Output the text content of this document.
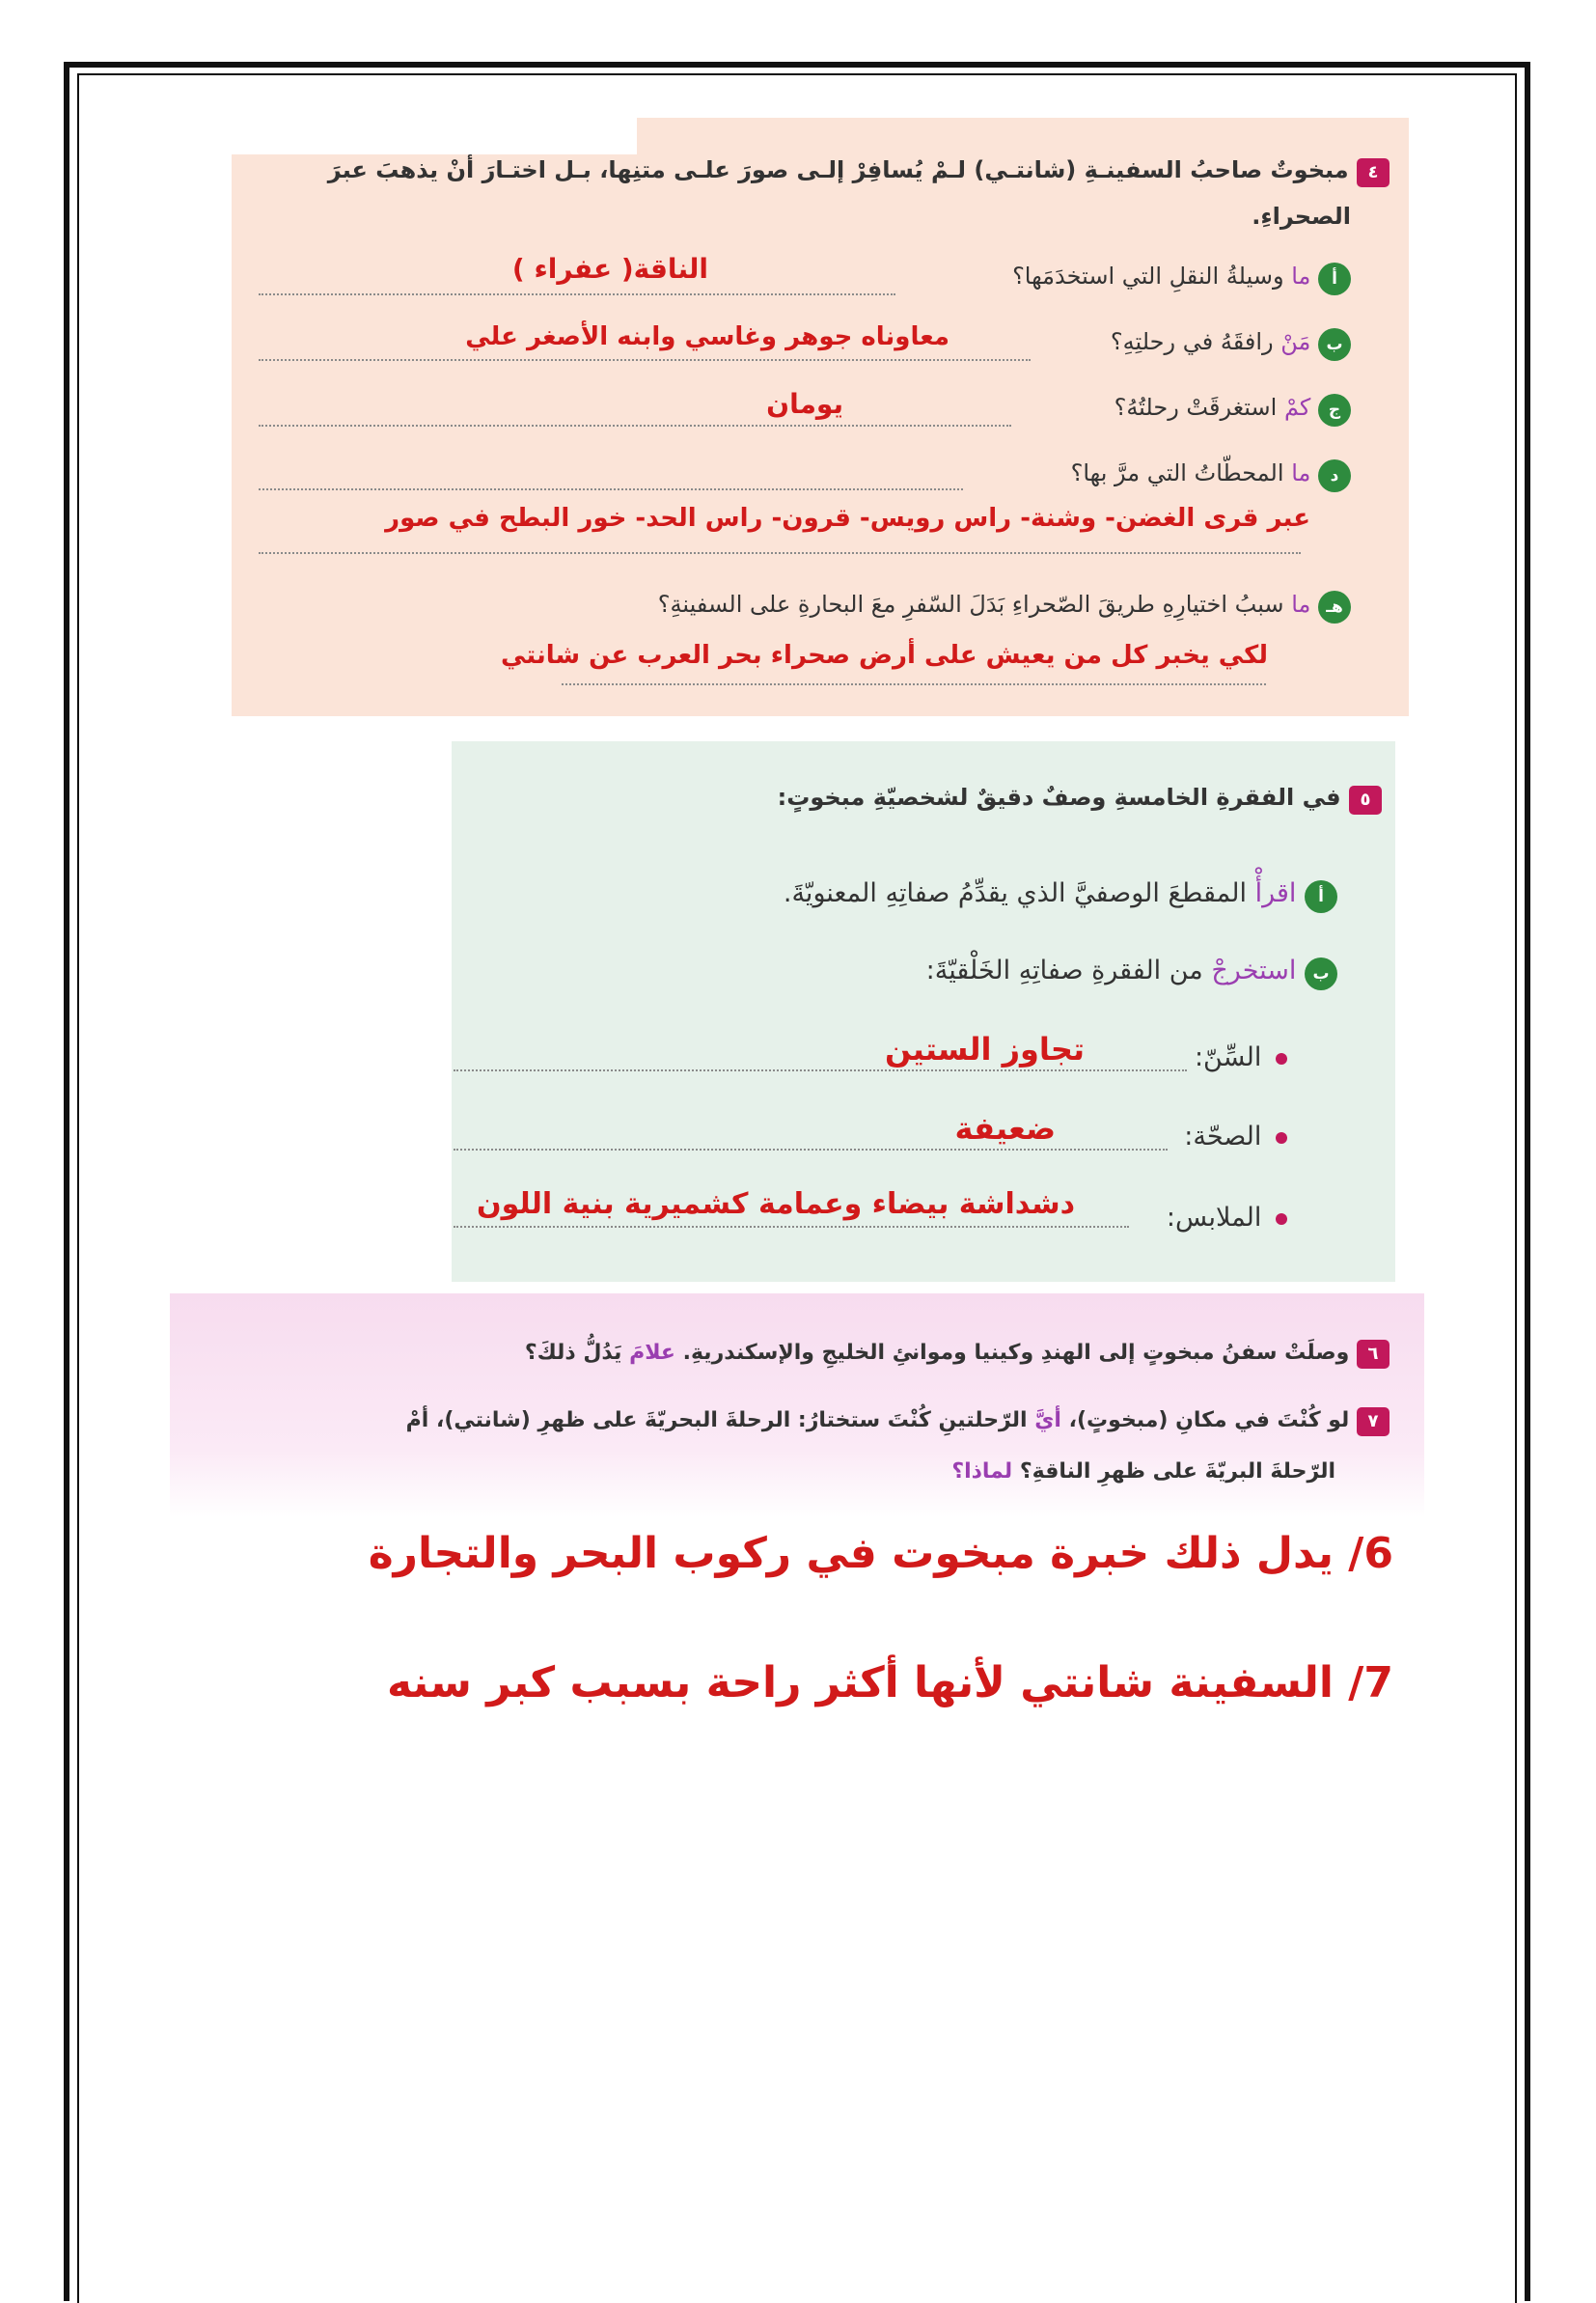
٤ مبخوتٌ صاحبُ السفينـةِ (شانتـي) لـمْ يُسافِرْ إلـى صورَ علـى متنِها، بـل اختـارَ أنْ يذهبَ عبرَ
الصحراءِ.
أ ما وسيلةُ النقلِ التي استخدَمَها؟
الناقة( عفراء )
ب مَنْ رافقَهُ في رحلتِهِ؟
معاوناه جوهر وغاسي وابنه الأصغر علي
ج كمْ استغرقَتْ رحلتُهُ؟
يومان
د ما المحطّاتُ التي مرَّ بها؟
عبر قرى الغضن- وشنة- راس رويس- قرون- راس الحد- خور البطح في صور
هـ ما سببُ اختيارِهِ طريقَ الصّحراءِ بَدَلَ السّفرِ معَ البحارةِ على السفينةِ؟
لكي يخبر كل من يعيش على أرض صحراء بحر العرب عن شانتي
٥ في الفقرةِ الخامسةِ وصفٌ دقيقٌ لشخصيّةِ مبخوتٍ:
أ اقرأْ المقطعَ الوصفيَّ الذي يقدِّمُ صفاتِهِ المعنويّةَ.
ب استخرجْ من الفقرةِ صفاتِهِ الخَلْقيّةَ:
السِّنّ:
تجاوز الستين
الصحّة:
ضعيفة
الملابس:
دشداشة بيضاء وعمامة كشميرية بنية اللون
٦ وصلَتْ سفنُ مبخوتٍ إلى الهندِ وكينيا وموانئِ الخليجِ والإسكندريةِ. علامَ يَدُلُّ ذلكَ؟
٧ لو كُنْتَ في مكانِ (مبخوتٍ)، أيَّ الرّحلتينِ كُنْتَ ستختارُ: الرحلةَ البحريّةَ على ظهرِ (شانتي)، أمْ
الرّحلةَ البريّةَ على ظهرِ الناقةِ؟ لماذا؟
6/ يدل ذلك خبرة مبخوت في ركوب البحر والتجارة
7/ السفينة شانتي لأنها أكثر راحة بسبب كبر سنه
